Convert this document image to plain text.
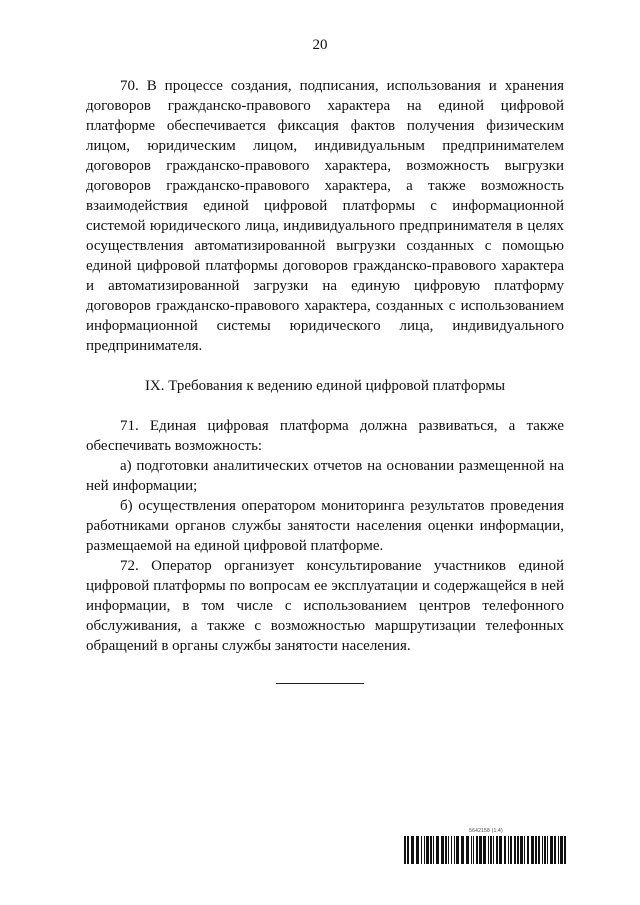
20

70. В процессе создания, подписания, использования и хранения договоров гражданско-правового характера на единой цифровой платформе обеспечивается фиксация фактов получения физическим лицом, юридическим лицом, индивидуальным предпринимателем договоров гражданско-правового характера, возможность выгрузки договоров гражданско-правового характера, а также возможность взаимодействия единой цифровой платформы с информационной системой юридического лица, индивидуального предпринимателя в целях осуществления автоматизированной выгрузки созданных с помощью единой цифровой платформы договоров гражданско-правового характера и автоматизированной загрузки на единую цифровую платформу договоров гражданско-правового характера, созданных с использованием информационной системы юридического лица, индивидуального предпринимателя.

IX. Требования к ведению единой цифровой платформы

71. Единая цифровая платформа должна развиваться, а также обеспечивать возможность:

а) подготовки аналитических отчетов на основании размещенной на ней информации;

б) осуществления оператором мониторинга результатов проведения работниками органов службы занятости населения оценки информации, размещаемой на единой цифровой платформе.

72. Оператор организует консультирование участников единой цифровой платформы по вопросам ее эксплуатации и содержащейся в ней информации, в том числе с использованием центров телефонного обслуживания, а также с возможностью маршрутизации телефонных обращений в органы службы занятости населения.

5642158 (1.4)
